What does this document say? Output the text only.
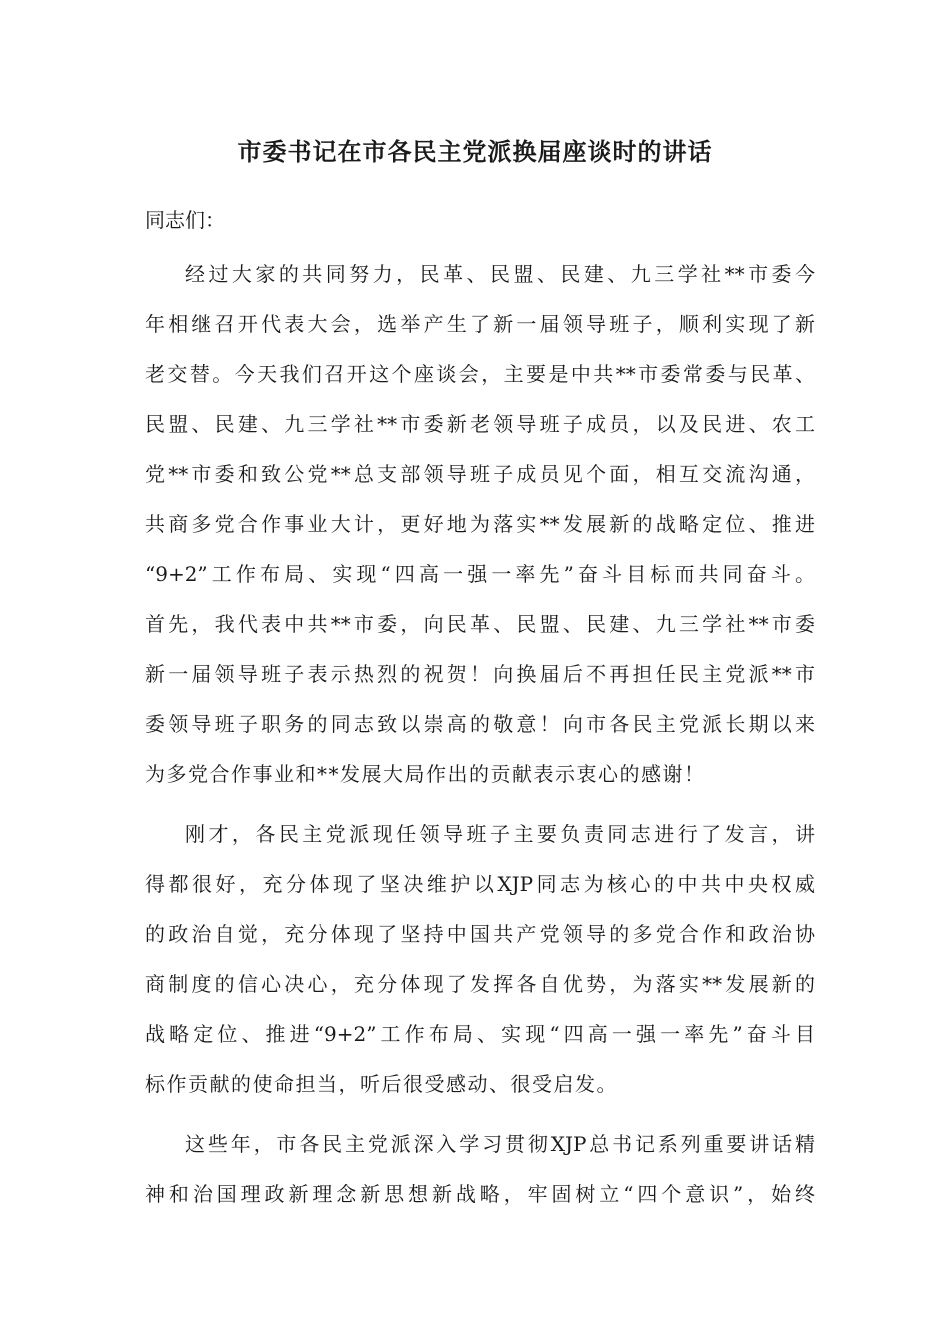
市委书记在市各民主党派换届座谈时的讲话

同志们：

经过大家的共同努力，民革、民盟、民建、九三学社**市委今

年相继召开代表大会，选举产生了新一届领导班子，顺利实现了新

老交替。今天我们召开这个座谈会，主要是中共**市委常委与民革、

民盟、民建、九三学社**市委新老领导班子成员，以及民进、农工

党**市委和致公党**总支部领导班子成员见个面，相互交流沟通，

共商多党合作事业大计，更好地为落实**发展新的战略定位、推进

“9+2”工作布局、实现“四高一强一率先”奋斗目标而共同奋斗。

首先，我代表中共**市委，向民革、民盟、民建、九三学社**市委

新一届领导班子表示热烈的祝贺！向换届后不再担任民主党派**市

委领导班子职务的同志致以崇高的敬意！向市各民主党派长期以来

为多党合作事业和**发展大局作出的贡献表示衷心的感谢！

刚才，各民主党派现任领导班子主要负责同志进行了发言，讲

得都很好，充分体现了坚决维护以XJP同志为核心的中共中央权威

的政治自觉，充分体现了坚持中国共产党领导的多党合作和政治协

商制度的信心决心，充分体现了发挥各自优势，为落实**发展新的

战略定位、推进“9+2”工作布局、实现“四高一强一率先”奋斗目

标作贡献的使命担当，听后很受感动、很受启发。

这些年，市各民主党派深入学习贯彻XJP总书记系列重要讲话精

神和治国理政新理念新思想新战略，牢固树立“四个意识”，始终
